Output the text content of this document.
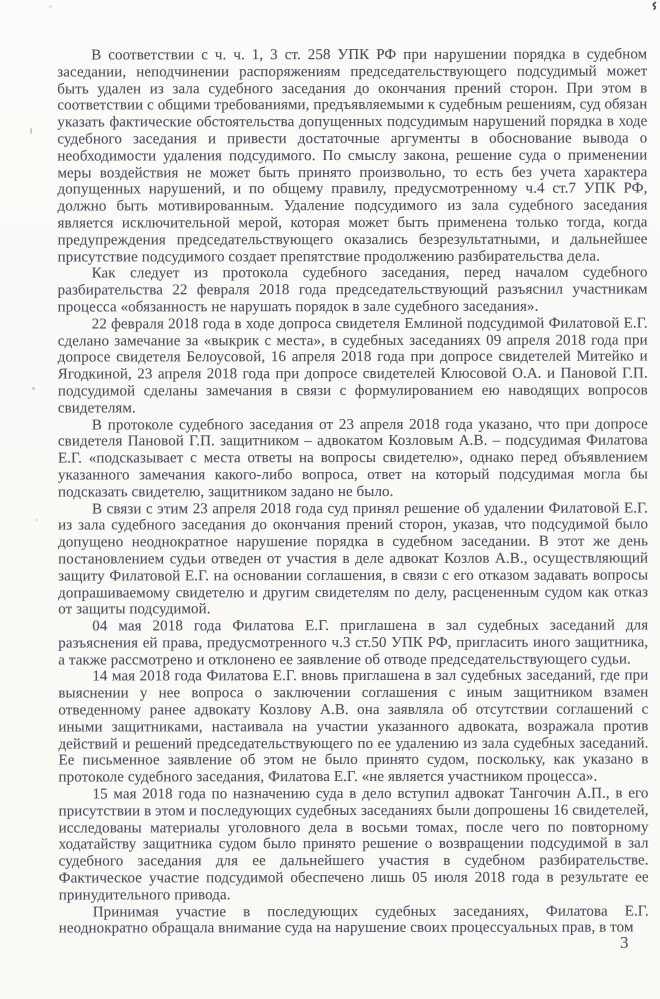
В соответствии с ч. ч. 1, 3 ст. 258 УПК РФ при нарушении порядка в судебном заседании, неподчинении распоряжениям председательствующего подсудимый может быть удален из зала судебного заседания до окончания прений сторон. При этом в соответствии с общими требованиями, предъявляемыми к судебным решениям, суд обязан указать фактические обстоятельства допущенных подсудимым нарушений порядка в ходе судебного заседания и привести достаточные аргументы в обоснование вывода о необходимости удаления подсудимого. По смыслу закона, решение суда о применении меры воздействия не может быть принято произвольно, то есть без учета характера допущенных нарушений, и по общему правилу, предусмотренному ч.4 ст.7 УПК РФ, должно быть мотивированным. Удаление подсудимого из зала судебного заседания является исключительной мерой, которая может быть применена только тогда, когда предупреждения председательствующего оказались безрезультатными, и дальнейшее присутствие подсудимого создает препятствие продолжению разбирательства дела.

Как следует из протокола судебного заседания, перед началом судебного разбирательства 22 февраля 2018 года председательствующий разъяснил участникам процесса «обязанность не нарушать порядок в зале судебного заседания».

22 февраля 2018 года в ходе допроса свидетеля Емлиной подсудимой Филатовой Е.Г. сделано замечание за «выкрик с места», в судебных заседаниях 09 апреля 2018 года при допросе свидетеля Белоусовой, 16 апреля 2018 года при допросе свидетелей Митейко и Ягодкиной, 23 апреля 2018 года при допросе свидетелей Клюсовой О.А. и Пановой Г.П. подсудимой сделаны замечания в связи с формулированием ею наводящих вопросов свидетелям.

В протоколе судебного заседания от 23 апреля 2018 года указано, что при допросе свидетеля Пановой Г.П. защитником – адвокатом Козловым А.В. – подсудимая Филатова Е.Г. «подсказывает с места ответы на вопросы свидетелю», однако перед объявлением указанного замечания какого-либо вопроса, ответ на который подсудимая могла бы подсказать свидетелю, защитником задано не было.

В связи с этим 23 апреля 2018 года суд принял решение об удалении Филатовой Е.Г. из зала судебного заседания до окончания прений сторон, указав, что подсудимой было допущено неоднократное нарушение порядка в судебном заседании. В этот же день постановлением судьи отведен от участия в деле адвокат Козлов А.В., осуществляющий защиту Филатовой Е.Г. на основании соглашения, в связи с его отказом задавать вопросы допрашиваемому свидетелю и другим свидетелям по делу, расцененным судом как отказ от защиты подсудимой.

04 мая 2018 года Филатова Е.Г. приглашена в зал судебных заседаний для разъяснения ей права, предусмотренного ч.3 ст.50 УПК РФ, пригласить иного защитника, а также рассмотрено и отклонено ее заявление об отводе председательствующего судьи.

14 мая 2018 года Филатова Е.Г. вновь приглашена в зал судебных заседаний, где при выяснении у нее вопроса о заключении соглашения с иным защитником взамен отведенному ранее адвокату Козлову А.В. она заявляла об отсутствии соглашений с иными защитниками, настаивала на участии указанного адвоката, возражала против действий и решений председательствующего по ее удалению из зала судебных заседаний. Ее письменное заявление об этом не было принято судом, поскольку, как указано в протоколе судебного заседания, Филатова Е.Г. «не является участником процесса».

15 мая 2018 года по назначению суда в дело вступил адвокат Тангочин А.П., в его присутствии в этом и последующих судебных заседаниях были допрошены 16 свидетелей, исследованы материалы уголовного дела в восьми томах, после чего по повторному ходатайству защитника судом было принято решение о возвращении подсудимой в зал судебного заседания для ее дальнейшего участия в судебном разбирательстве. Фактическое участие подсудимой обеспечено лишь 05 июля 2018 года в результате ее принудительного привода.

Принимая участие в последующих судебных заседаниях, Филатова Е.Г. неоднократно обращала внимание суда на нарушение своих процессуальных прав, в том

3
